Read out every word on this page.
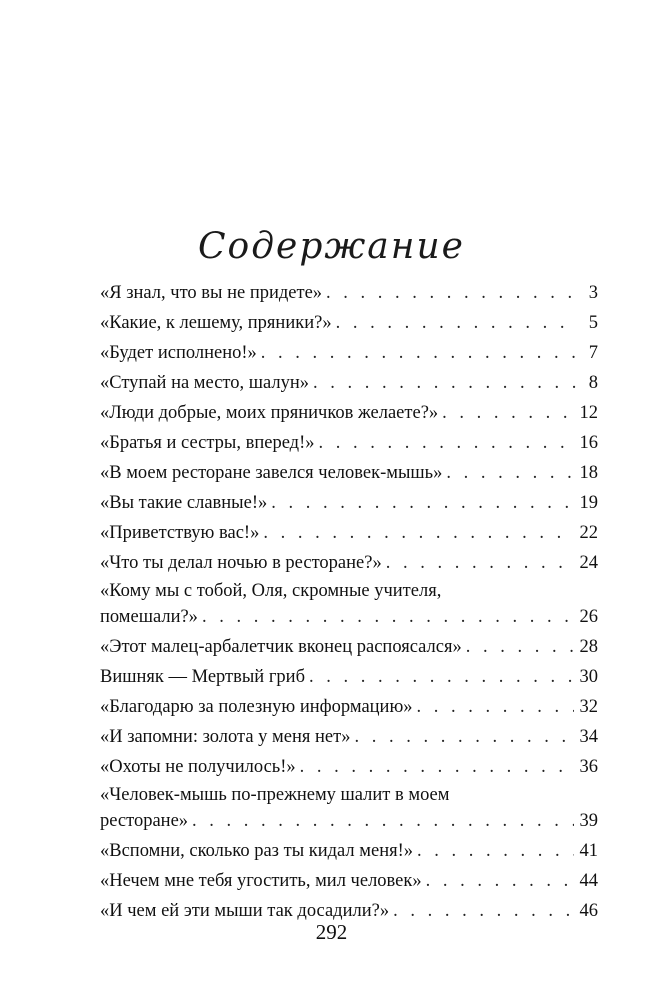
Содержание
«Я знал, что вы не придете» . . .	3
«Какие, к лешему, пряники?» . . .	5
«Будет исполнено!» . . .	7
«Ступай на место, шалун» . . .	8
«Люди добрые, моих пряничков желаете?» . . .	12
«Братья и сестры, вперед!» . . .	16
«В моем ресторане завелся человек-мышь» . . .	18
«Вы такие славные!» . . .	19
«Приветствую вас!» . . .	22
«Что ты делал ночью в ресторане?» . . .	24
«Кому мы с тобой, Оля, скромные учителя,
помешали?» . . .	26
«Этот малец-арбалетчик вконец распоясался» . . .	28
Вишняк — Мертвый гриб . . .	30
«Благодарю за полезную информацию» . . .	32
«И запомни: золота у меня нет» . . .	34
«Охоты не получилось!» . . .	36
«Человек-мышь по-прежнему шалит в моем
ресторане» . . .	39
«Вспомни, сколько раз ты кидал меня!» . . .	41
«Нечем мне тебя угостить, мил человек» . . .	44
«И чем ей эти мыши так досадили?» . . .	46
292
